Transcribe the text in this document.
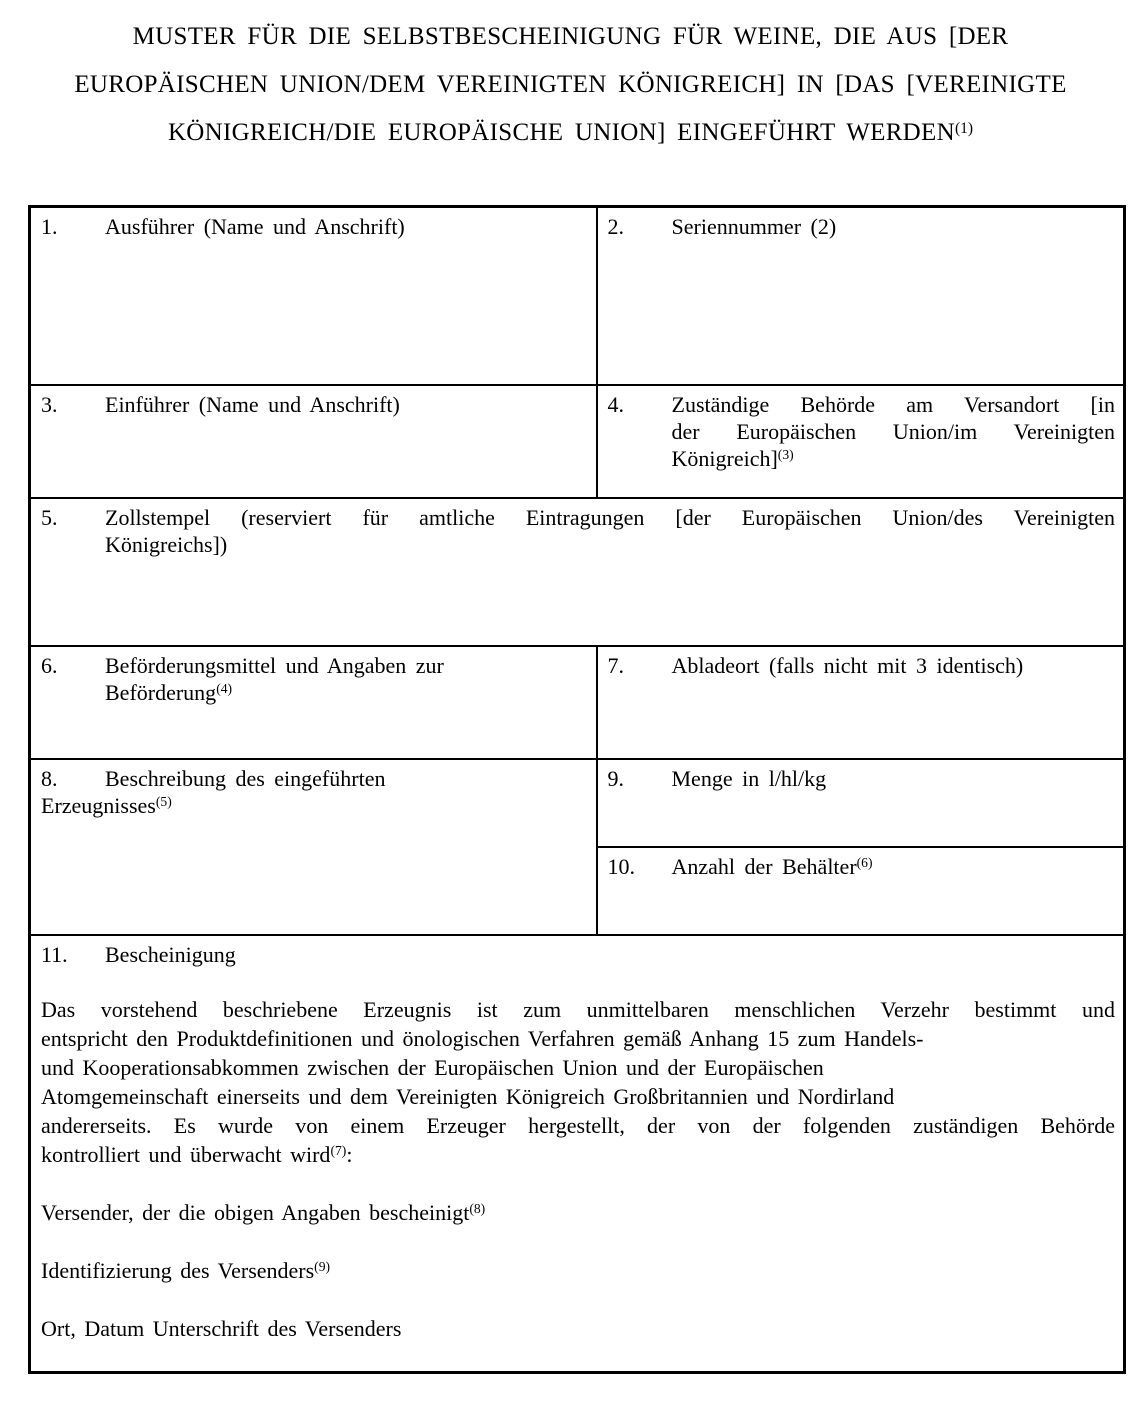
MUSTER FÜR DIE SELBSTBESCHEINIGUNG FÜR WEINE, DIE AUS [DER
EUROPÄISCHEN UNION/DEM VEREINIGTEN KÖNIGREICH] IN [DAS [VEREINIGTE
KÖNIGREICH/DIE EUROPÄISCHE UNION] EINGEFÜHRT WERDEN$^{(1)}$
1. Ausführer (Name und Anschrift)	2. Seriennummer (2)

3.	Einführer (Name und Anschrift)	4.	Zuständige Behörde am Versandort [in
der Europäischen Union/im Vereinigten
Königreich]$^{(3)}$

5. Zollstempel (reserviert für amtliche Eintragungen [der Europäischen Union/des Vereinigten
Königreichs])	

6.	Beförderungsmittel und Angaben zur
Beförderung$^{(4)}$

7.	Abladeort (falls nicht mit 3 identisch)

8. Beschreibung des eingeführten
Erzeugnisses$^{(5)}$

9.	Menge in l/hl/kg

	10. Anzahl der Behälter$^{(6)}$

11.	Bescheinigung
Das vorstehend beschriebene Erzeugnis ist zum unmittelbaren menschlichen Verzehr bestimmt und
entspricht den Produktdefinitionen und önologischen Verfahren gemäß Anhang 15 zum Handels-
und Kooperationsabkommen zwischen der Europäischen Union und der Europäischen
Atomgemeinschaft einerseits und dem Vereinigten Königreich Großbritannien und Nordirland
andererseits. Es wurde von einem Erzeuger hergestellt, der von der folgenden zuständigen Behörde
kontrolliert und überwacht wird$^{(7)}$:
Versender, der die obigen Angaben bescheinigt$^{(8)}$
Identifizierung des Versenders$^{(9)}$
Ort, Datum Unterschrift des Versenders
